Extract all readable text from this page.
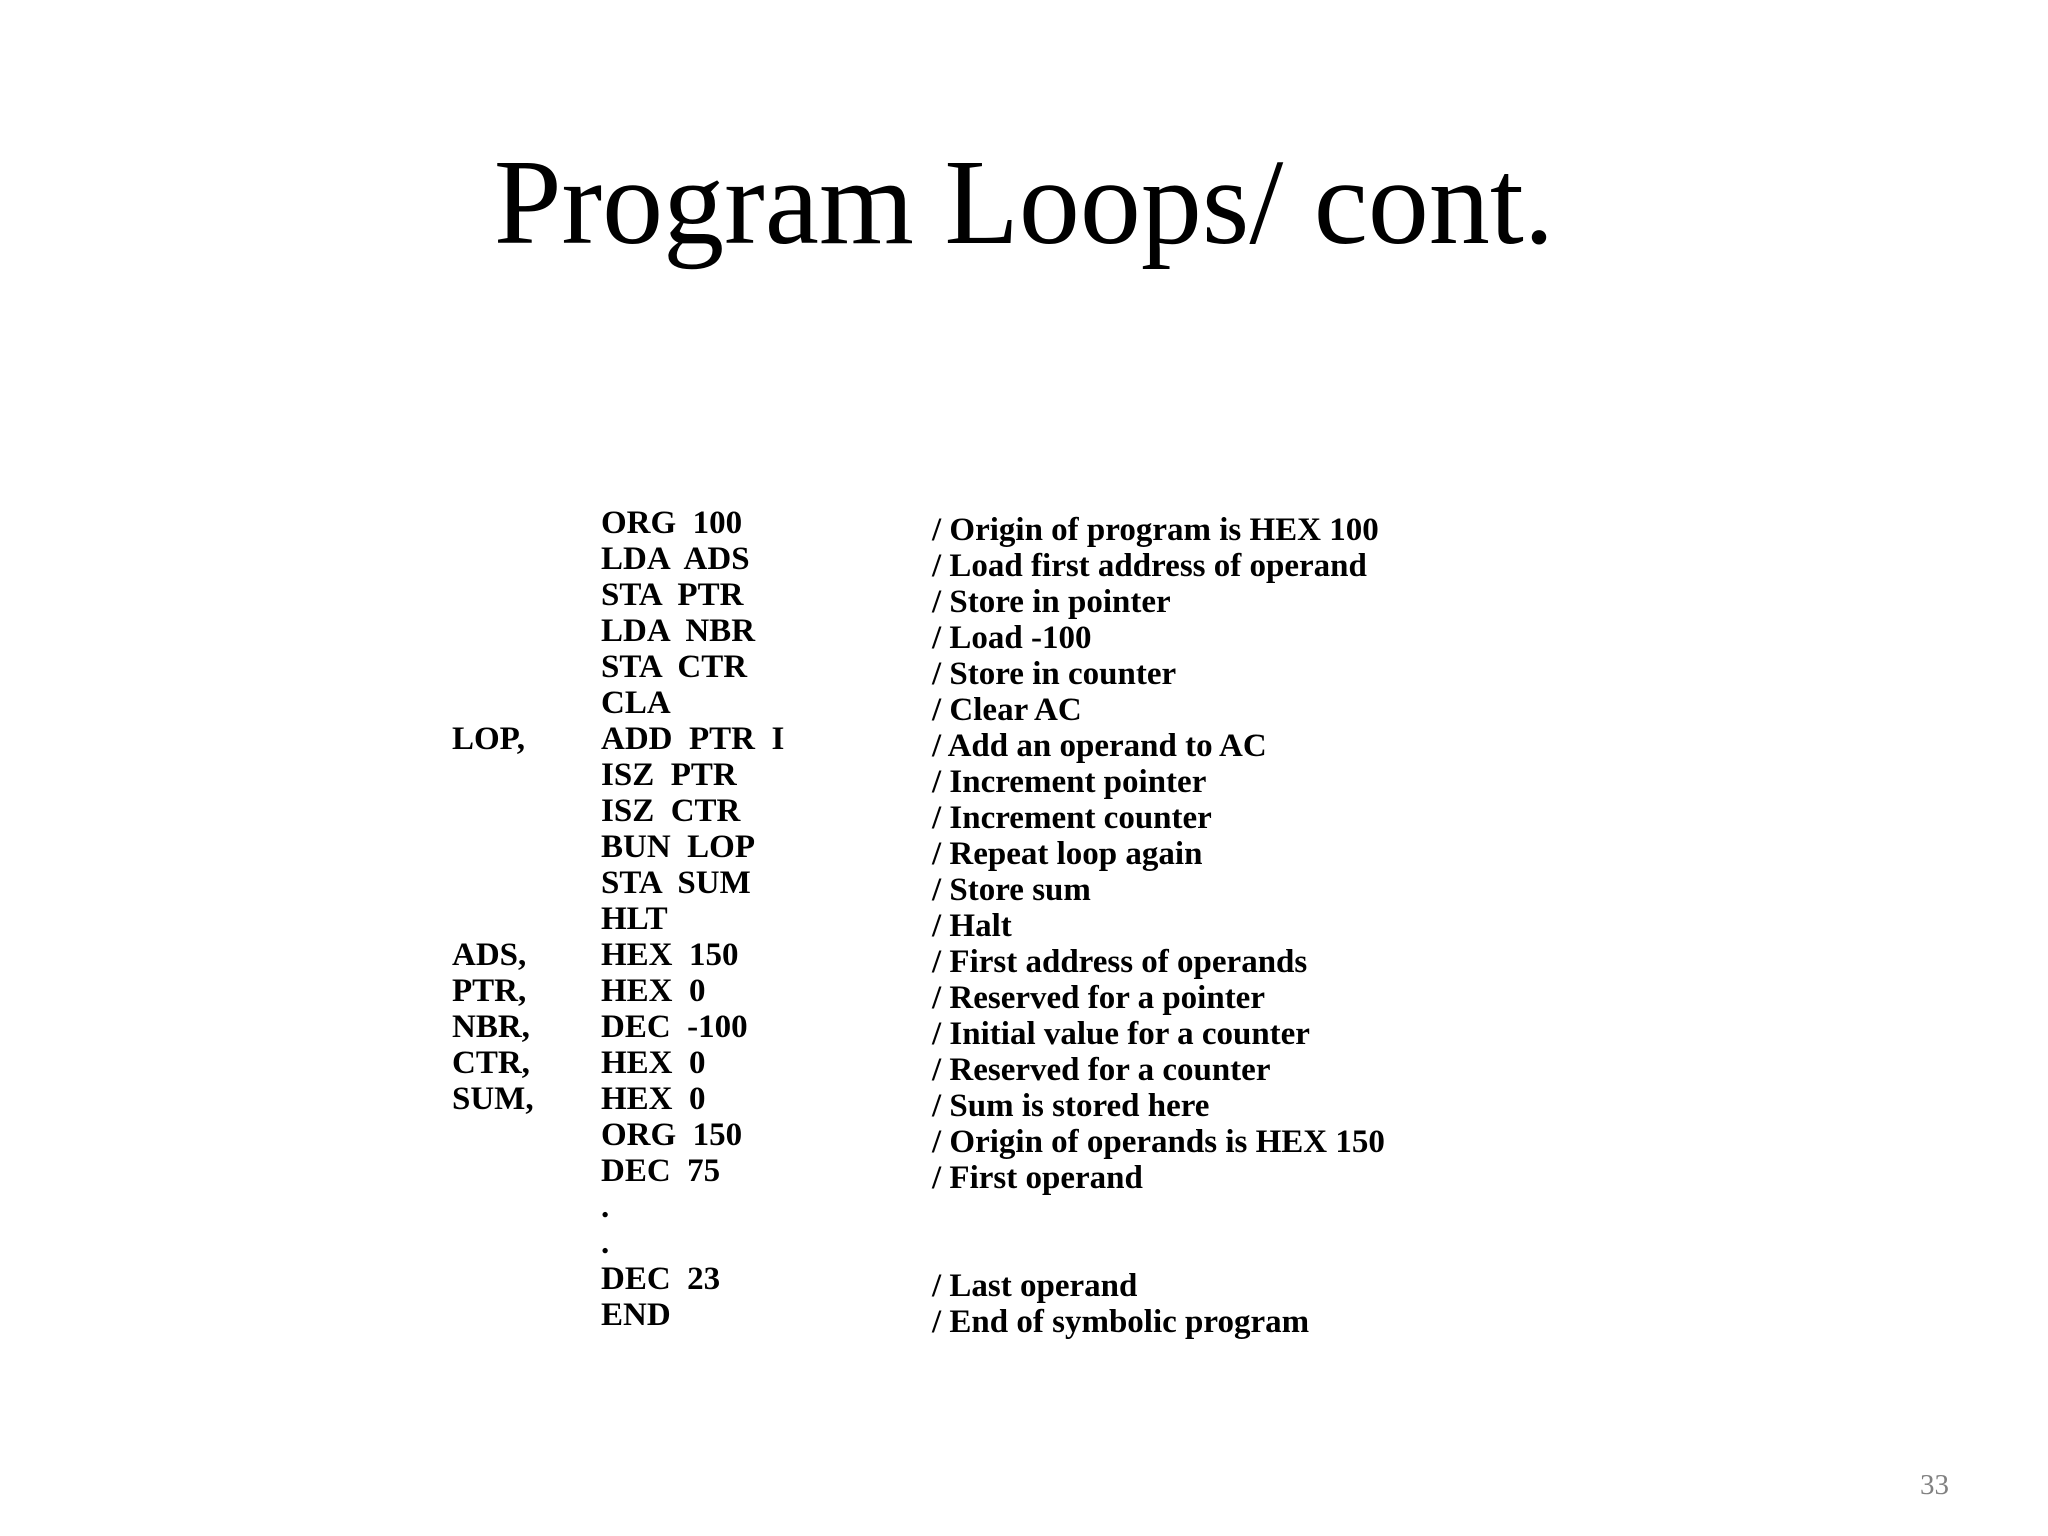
Program Loops/ cont.
ORG  100	/ Origin of program is HEX 100
LDA  ADS	/ Load first address of operand
STA  PTR	/ Store in pointer
LDA  NBR	/ Load -100
STA  CTR	/ Store in counter
CLA	/ Clear AC
LOP, ADD  PTR  I	/ Add an operand to AC
ISZ  PTR	/ Increment pointer
ISZ  CTR	/ Increment counter
BUN  LOP	/ Repeat loop again
STA  SUM	/ Store sum
HLT	/ Halt
ADS, HEX  150	/ First address of operands
PTR, HEX  0	/ Reserved for a pointer
NBR, DEC  -100	/ Initial value for a counter
CTR, HEX  0	/ Reserved for a counter
SUM, HEX  0	/ Sum is stored here
ORG  150	/ Origin of operands is HEX 150
DEC  75	/ First operand
.
.
DEC  23	/ Last operand
END	/ End of symbolic program
33
